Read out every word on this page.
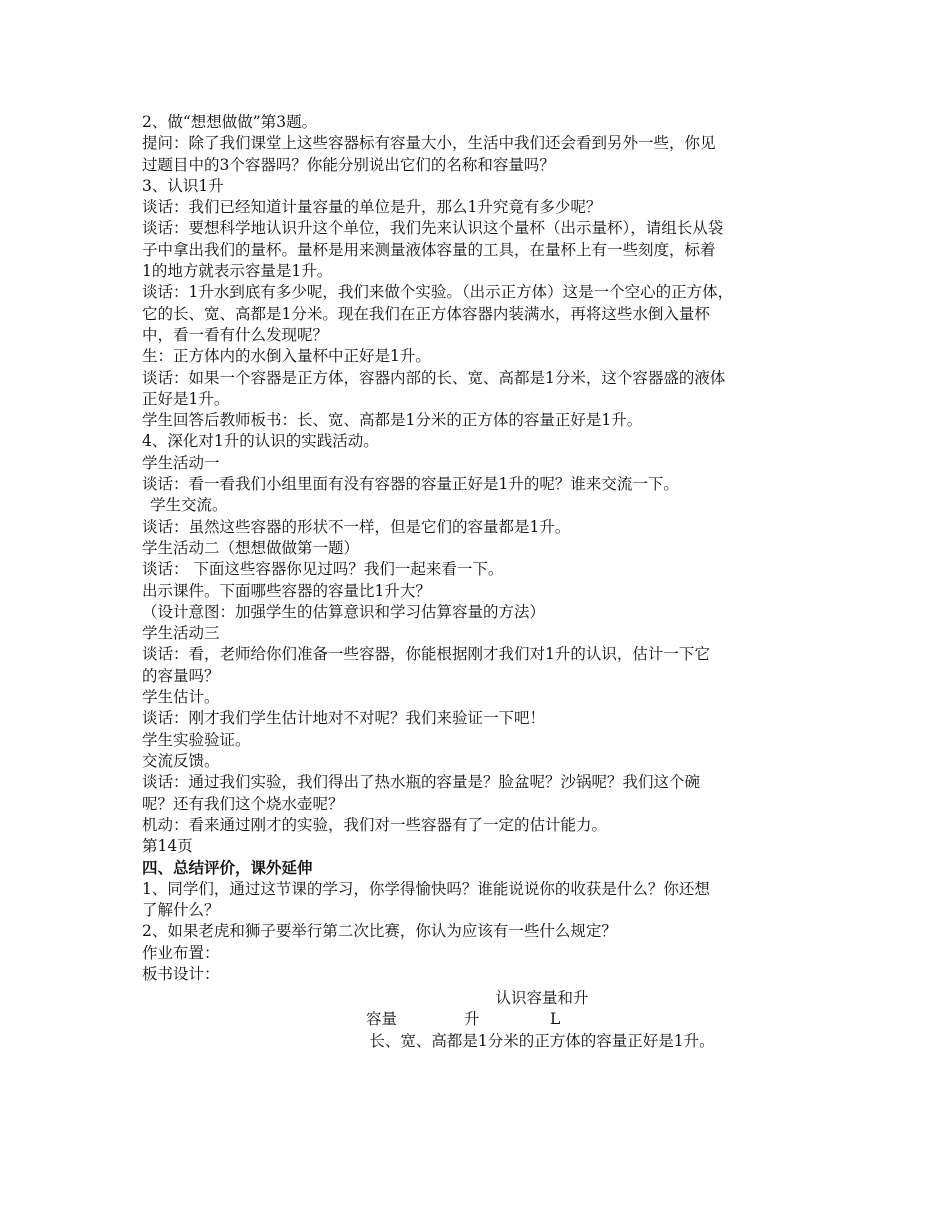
2、做“想想做做”第3题。
提问：除了我们课堂上这些容器标有容量大小，生活中我们还会看到另外一些，你见
过题目中的3个容器吗？你能分别说出它们的名称和容量吗？
3、认识1升
谈话：我们已经知道计量容量的单位是升，那么1升究竟有多少呢？
谈话：要想科学地认识升这个单位，我们先来认识这个量杯（出示量杯），请组长从袋
子中拿出我们的量杯。量杯是用来测量液体容量的工具，在量杯上有一些刻度，标着
1的地方就表示容量是1升。
谈话：1升水到底有多少呢，我们来做个实验。（出示正方体）这是一个空心的正方体，
它的长、宽、高都是1分米。现在我们在正方体容器内装满水，再将这些水倒入量杯
中，看一看有什么发现呢？
生：正方体内的水倒入量杯中正好是1升。
谈话：如果一个容器是正方体，容器内部的长、宽、高都是1分米，这个容器盛的液体
正好是1升。
学生回答后教师板书：长、宽、高都是1分米的正方体的容量正好是1升。
4、深化对1升的认识的实践活动。
学生活动一
谈话：看一看我们小组里面有没有容器的容量正好是1升的呢？谁来交流一下。
学生交流。
谈话：虽然这些容器的形状不一样，但是它们的容量都是1升。
学生活动二（想想做做第一题）
谈话： 下面这些容器你见过吗？我们一起来看一下。
出示课件。下面哪些容器的容量比1升大？
（设计意图：加强学生的估算意识和学习估算容量的方法）
学生活动三
谈话：看，老师给你们准备一些容器，你能根据刚才我们对1升的认识，估计一下它
的容量吗？
学生估计。
谈话：刚才我们学生估计地对不对呢？我们来验证一下吧！
学生实验验证。
交流反馈。
谈话：通过我们实验，我们得出了热水瓶的容量是？脸盆呢？沙锅呢？我们这个碗
呢？还有我们这个烧水壶呢？
机动：看来通过刚才的实验，我们对一些容器有了一定的估计能力。
第14页
四、总结评价，课外延伸
1、同学们，通过这节课的学习，你学得愉快吗？谁能说说你的收获是什么？你还想
了解什么？
2、如果老虎和狮子要举行第二次比赛，你认为应该有一些什么规定？
作业布置：
板书设计：
认识容量和升
容量	升	L
长、宽、高都是1分米的正方体的容量正好是1升。
